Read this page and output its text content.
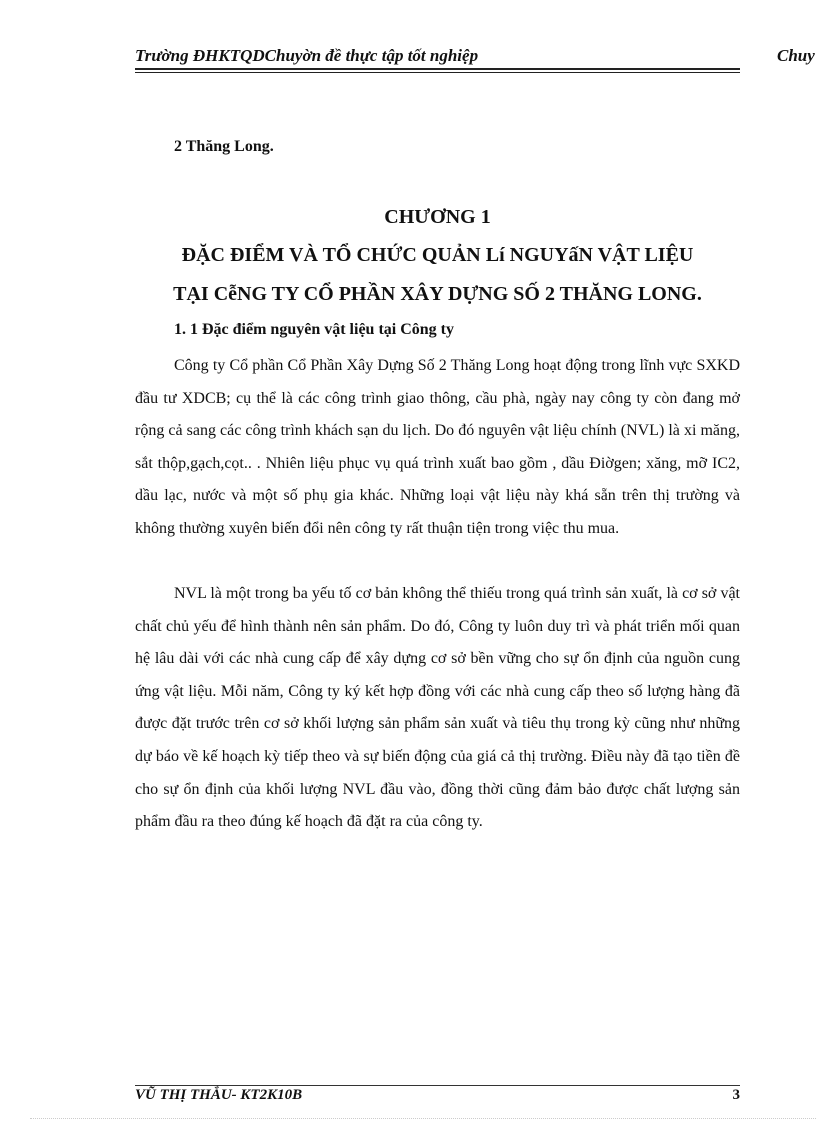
Trường ĐHKTQDChuyờn đề thực tập tốt nghiệp	Chuy
2 Thăng Long.
CHƯƠNG 1
ĐẶC ĐIỂM VÀ TỔ CHỨC QUẢN Lí NGUYấN VẬT LIỆU
TẠI CễNG TY CỔ PHẦN XÂY DỰNG SỐ 2 THĂNG LONG.
1. 1 Đặc điểm nguyên vật liệu tại Công ty

Công ty Cổ phần Cổ Phần Xây Dựng Số 2 Thăng Long hoạt động trong lĩnh vực SXKD đầu tư XDCB; cụ thể là các công trình giao thông, cầu phà, ngày nay công ty còn đang mở rộng cả sang các công trình khách sạn du lịch. Do đó nguyên vật liệu chính (NVL) là xi măng, sắt thộp,gạch,cọt.. . Nhiên liệu phục vụ quá trình xuất bao gồm , dầu Điờgen; xăng, mỡ IC2, dầu lạc, nước và một số phụ gia khác. Những loại vật liệu này khá sẵn trên thị trường và không thường xuyên biến đổi nên công ty rất thuận tiện trong việc thu mua.

NVL là một trong ba yếu tố cơ bản không thể thiếu trong quá trình sản xuất, là cơ sở vật chất chủ yếu để hình thành nên sản phẩm. Do đó, Công ty luôn duy trì và phát triển mối quan hệ lâu dài với các nhà cung cấp để xây dựng cơ sở bền vững cho sự ổn định của nguồn cung ứng vật liệu. Mỗi năm, Công ty ký kết hợp đồng với các nhà cung cấp theo số lượng hàng đã được đặt trước trên cơ sở khối lượng sản phẩm sản xuất và tiêu thụ trong kỳ cũng như những dự báo về kế hoạch kỳ tiếp theo và sự biến động của giá cả thị trường. Điều này đã tạo tiền đề cho sự ổn định của khối lượng NVL đầu vào, đồng thời cũng đảm bảo được chất lượng sản phẩm đầu ra theo đúng kế hoạch đã đặt ra của công ty.

VŨ THỊ THẮU- KT2K10B	3
